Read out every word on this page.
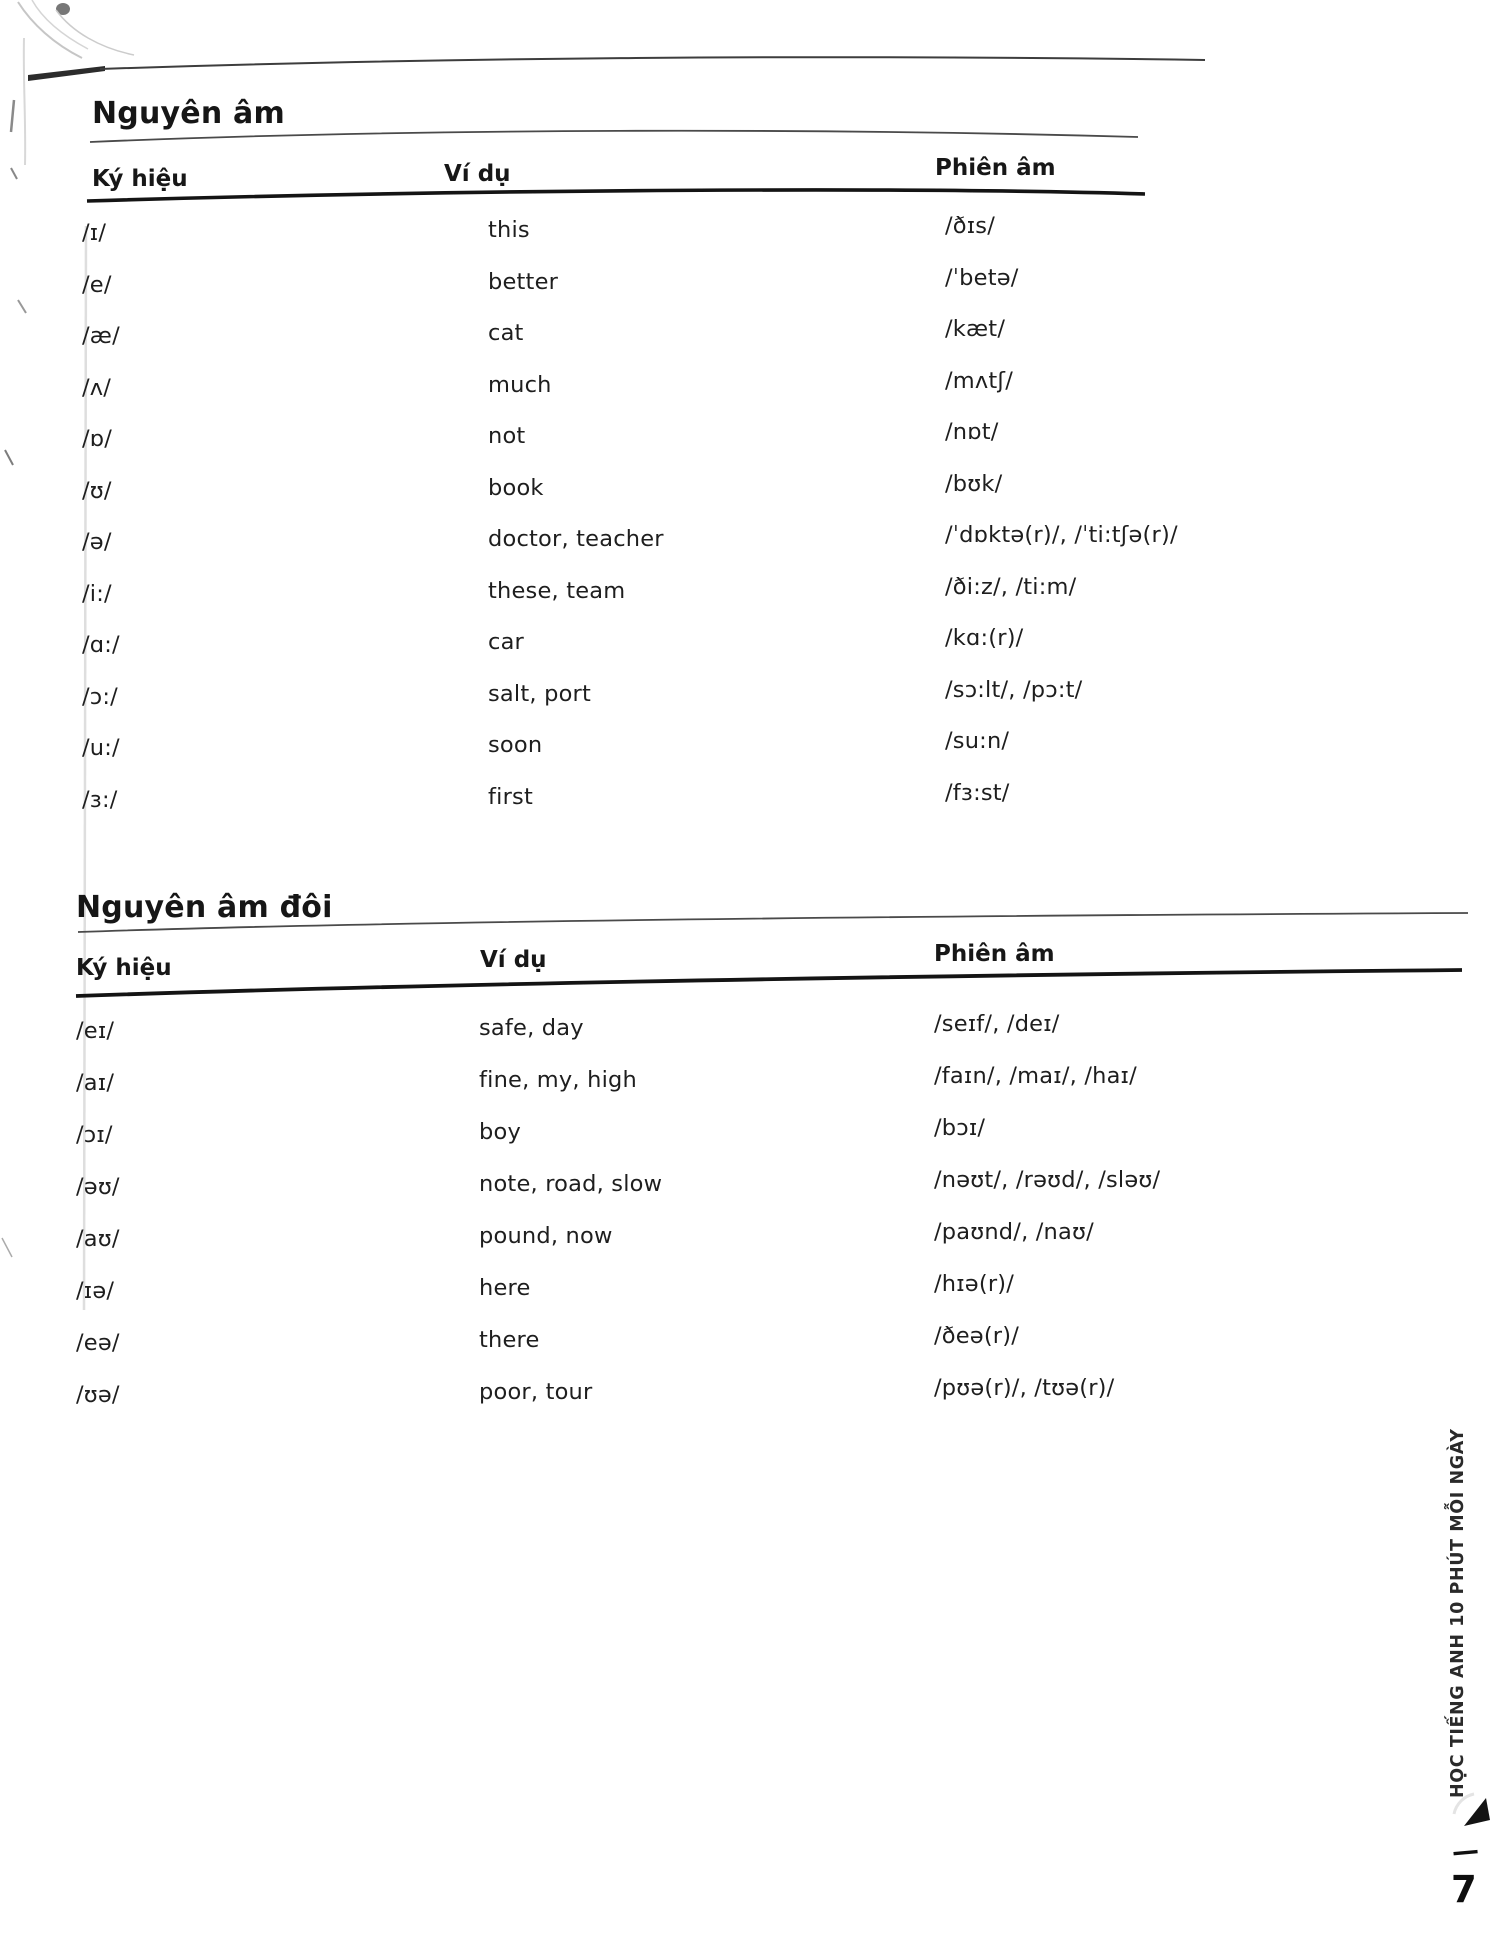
Nguyên âm
Ký hiệu	Ví dụ	Phiên âm
/ɪ/	this	/ðɪs/
/e/	better	/ˈbetə/
/æ/	cat	/kæt/
/ʌ/	much	/mʌtʃ/
/ɒ/	not	/nɒt/
/ʊ/	book	/bʊk/
/ə/	doctor, teacher	/ˈdɒktə(r)/, /ˈti:tʃə(r)/
/i:/	these, team	/ði:z/, /ti:m/
/ɑ:/	car	/kɑ:(r)/
/ɔ:/	salt, port	/sɔ:lt/, /pɔ:t/
/u:/	soon	/su:n/
/ɜ:/	first	/fɜ:st/
Nguyên âm đôi
Ký hiệu	Ví dụ	Phiên âm
/eɪ/	safe, day	/seɪf/, /deɪ/
/aɪ/	fine, my, high	/faɪn/, /maɪ/, /haɪ/
/ɔɪ/	boy	/bɔɪ/
/əʊ/	note, road, slow	/nəʊt/, /rəʊd/, /sləʊ/
/aʊ/	pound, now	/paʊnd/, /naʊ/
/ɪə/	here	/hɪə(r)/
/eə/	there	/ðeə(r)/
/ʊə/	poor, tour	/pʊə(r)/, /tʊə(r)/
HỌC TIẾNG ANH 10 PHÚT MỖI NGÀY
—
7
